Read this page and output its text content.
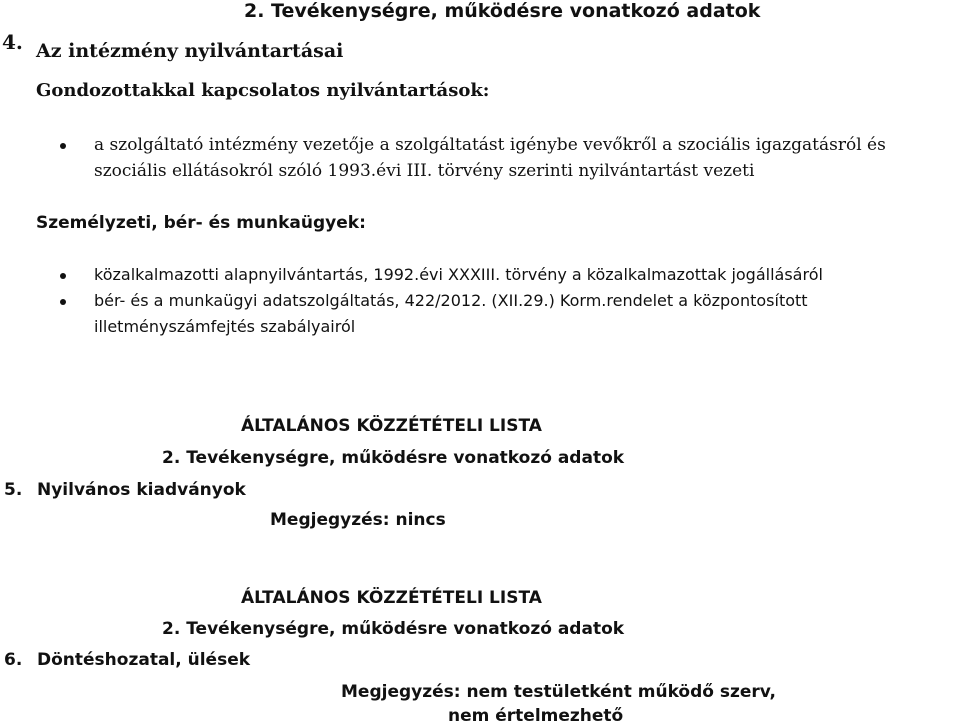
2. Tevékenységre, működésre vonatkozó adatok
4. Az intézmény nyilvántartásai
Gondozottakkal kapcsolatos nyilvántartások:
a szolgáltató intézmény vezetője a szolgáltatást igénybe vevőkről a szociális igazgatásról és
szociális ellátásokról szóló 1993.évi III. törvény szerinti nyilvántartást vezeti
Személyzeti, bér- és munkaügyek:
közalkalmazotti alapnyilvántartás, 1992.évi XXXIII. törvény a közalkalmazottak jogállásáról
bér- és a munkaügyi adatszolgáltatás, 422/2012. (XII.29.) Korm.rendelet a központosított
illetményszámfejtés szabályairól
ÁLTALÁNOS KÖZZÉTÉTELI LISTA
2. Tevékenységre, működésre vonatkozó adatok
5. Nyilvános kiadványok
Megjegyzés: nincs
ÁLTALÁNOS KÖZZÉTÉTELI LISTA
2. Tevékenységre, működésre vonatkozó adatok
6. Döntéshozatal, ülések
Megjegyzés: nem testületként működő szerv,
nem értelmezhető
